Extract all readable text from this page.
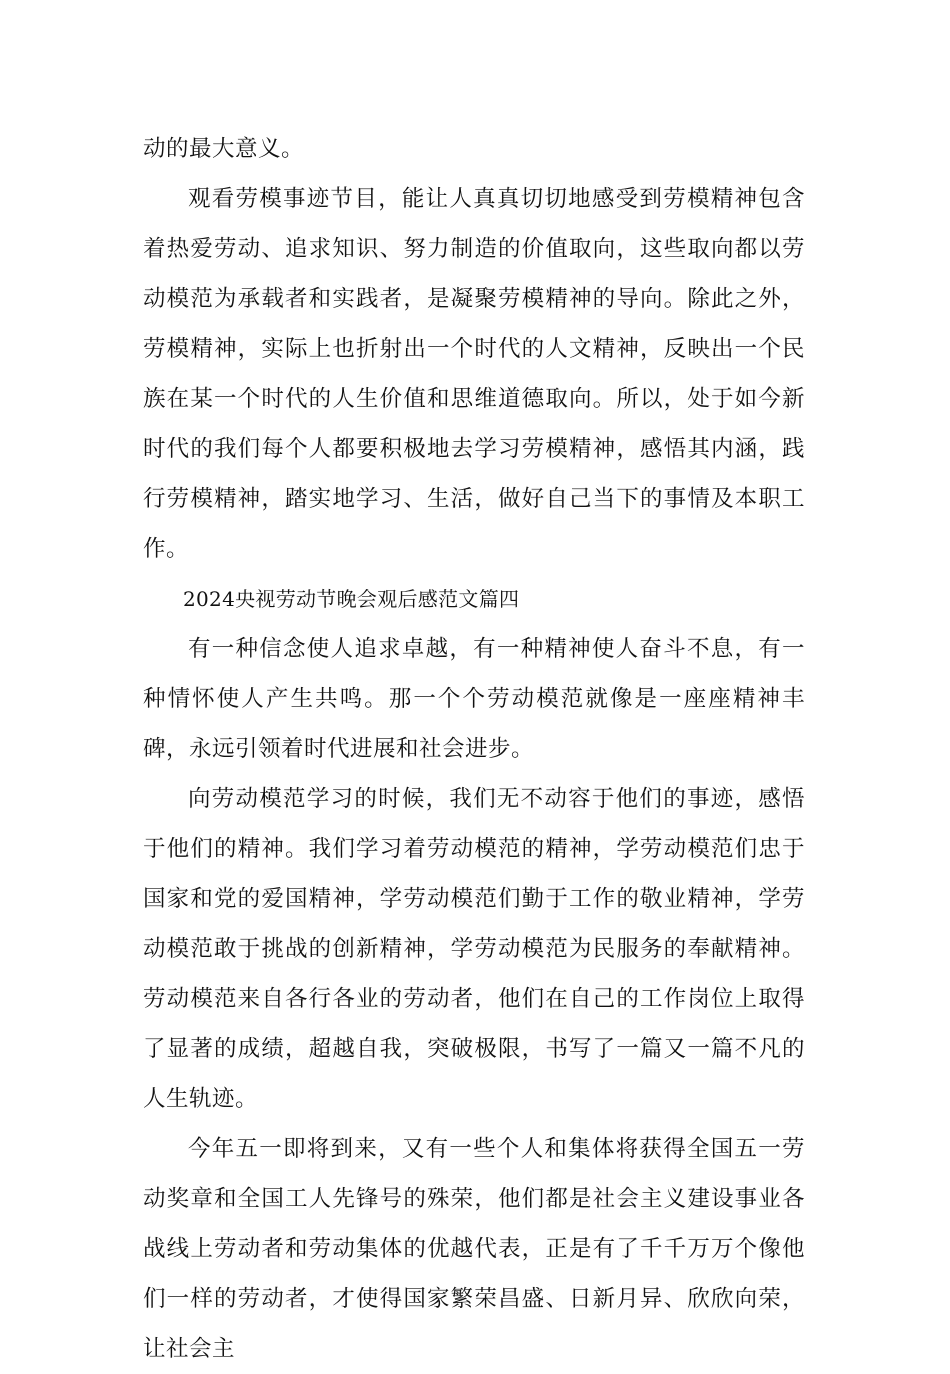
动的最大意义。

观看劳模事迹节目，能让人真真切切地感受到劳模精神包含着热爱劳动、追求知识、努力制造的价值取向，这些取向都以劳动模范为承载者和实践者，是凝聚劳模精神的导向。除此之外，劳模精神，实际上也折射出一个时代的人文精神，反映出一个民族在某一个时代的人生价值和思维道德取向。所以，处于如今新时代的我们每个人都要积极地去学习劳模精神，感悟其内涵，践行劳模精神，踏实地学习、生活，做好自己当下的事情及本职工作。

2024央视劳动节晚会观后感范文篇四

有一种信念使人追求卓越，有一种精神使人奋斗不息，有一种情怀使人产生共鸣。那一个个劳动模范就像是一座座精神丰碑，永远引领着时代进展和社会进步。

向劳动模范学习的时候，我们无不动容于他们的事迹，感悟于他们的精神。我们学习着劳动模范的精神，学劳动模范们忠于国家和党的爱国精神，学劳动模范们勤于工作的敬业精神，学劳动模范敢于挑战的创新精神，学劳动模范为民服务的奉献精神。劳动模范来自各行各业的劳动者，他们在自己的工作岗位上取得了显著的成绩，超越自我，突破极限，书写了一篇又一篇不凡的人生轨迹。

今年五一即将到来，又有一些个人和集体将获得全国五一劳动奖章和全国工人先锋号的殊荣，他们都是社会主义建设事业各战线上劳动者和劳动集体的优越代表，正是有了千千万万个像他们一样的劳动者，才使得国家繁荣昌盛、日新月异、欣欣向荣，让社会主
